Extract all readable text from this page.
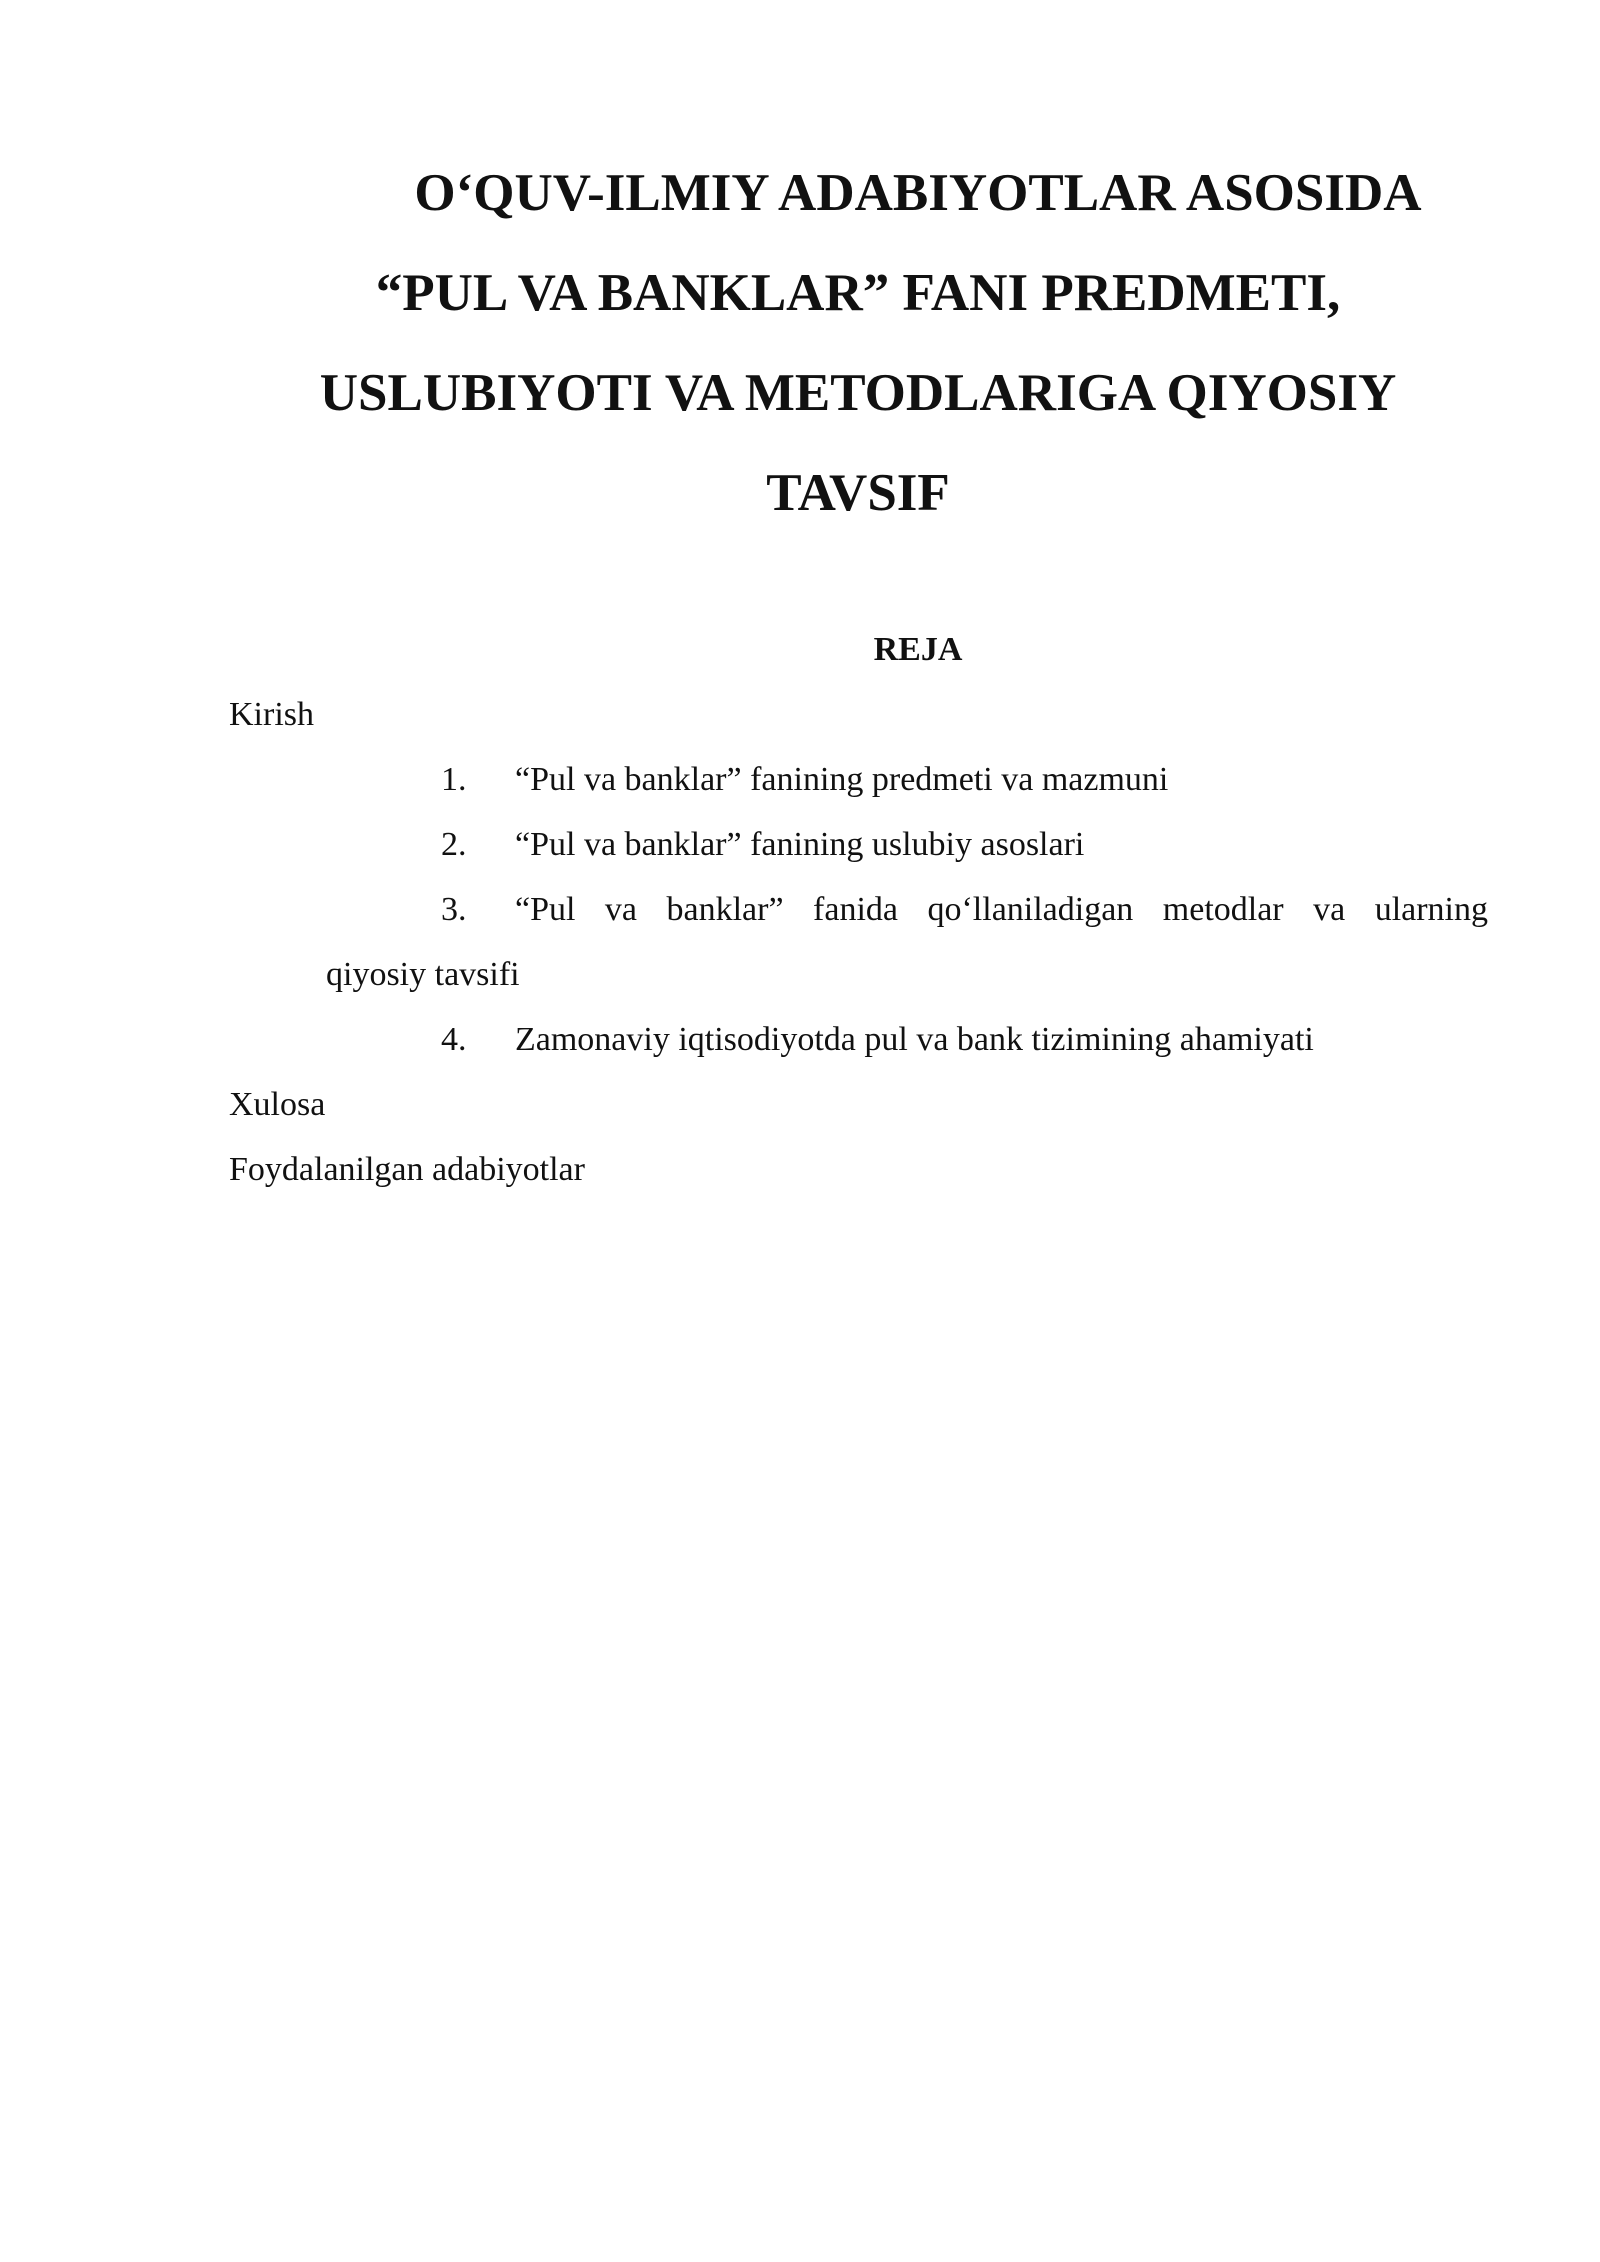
O‘QUV-ILMIY ADABIYOTLAR ASOSIDA
“PUL VA BANKLAR” FANI PREDMETI,
USLUBIYOTI VA METODLARIGA QIYOSIY
TAVSIF
REJA
Kirish
1. “Pul va banklar” fanining predmeti va mazmuni
2. “Pul va banklar” fanining uslubiy asoslari
3. “Pul va banklar” fanida qo‘llaniladigan metodlar va ularning
qiyosiy tavsifi
4. Zamonaviy iqtisodiyotda pul va bank tizimining ahamiyati
Xulosa
Foydalanilgan adabiyotlar
